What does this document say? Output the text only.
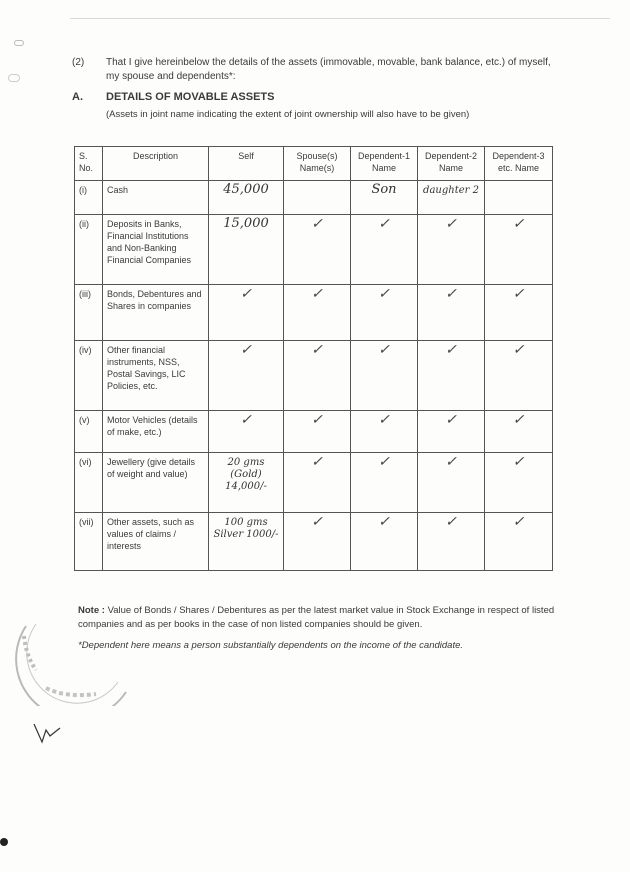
(2) That I give hereinbelow the details of the assets (immovable, movable, bank balance, etc.) of myself, my spouse and dependents*:
A. DETAILS OF MOVABLE ASSETS
(Assets in joint name indicating the extent of joint ownership will also have to be given)
S. No.	Description	Self	Spouse(s) Name(s)	Dependent-1 Name	Dependent-2 Name	Dependent-3 etc. Name
(i)	Cash	45,000		Son	daughter 2	
(ii)	Deposits in Banks, Financial Institutions and Non-Banking Financial Companies	15,000	✓	✓	✓	✓
(iii)	Bonds, Debentures and Shares in companies	✓	✓	✓	✓	✓
(iv)	Other financial instruments, NSS, Postal Savings, LIC Policies, etc.	✓	✓	✓	✓	✓
(v)	Motor Vehicles (details of make, etc.)	✓	✓	✓	✓	✓
(vi)	Jewellery (give details of weight and value)	20 gms (Gold) 14,000/-	✓	✓	✓	✓
(vii)	Other assets, such as values of claims / interests	100 gms Silver 1000/-	✓	✓	✓	✓
Note : Value of Bonds / Shares / Debentures as per the latest market value in Stock Exchange in respect of listed companies and as per books in the case of non listed companies should be given.
*Dependent here means a person substantially dependents on the income of the candidate.
